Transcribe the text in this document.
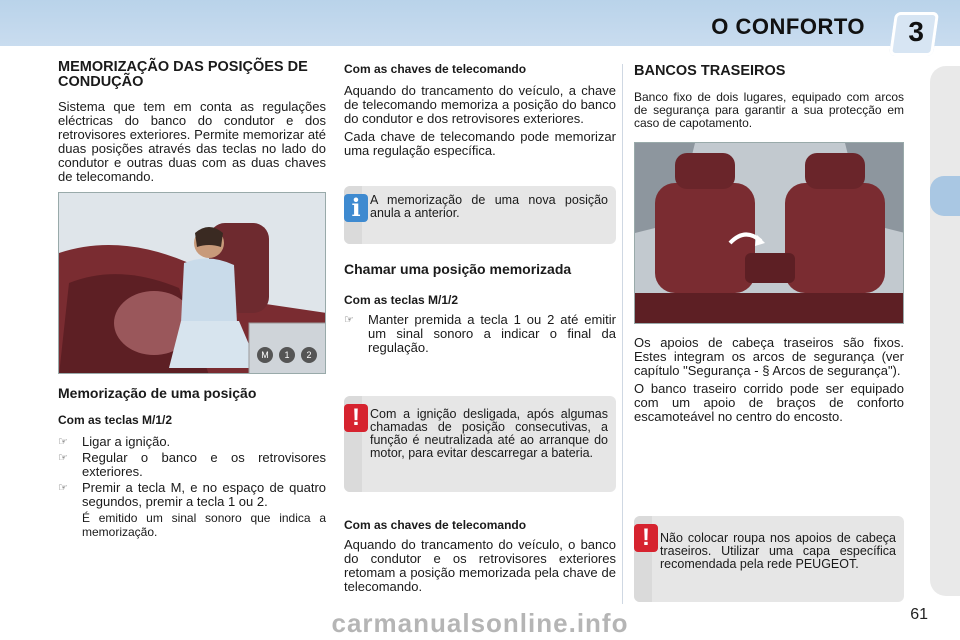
O CONFORTO 3
MEMORIZAÇÃO DAS POSIÇÕES DE CONDUÇÃO

Sistema que tem em conta as regulações eléctricas do banco do condutor e dos retrovisores exteriores. Permite memorizar até duas posições através das teclas no lado do condutor e outras duas com as duas chaves de telecomando.

M	1	2
Memorização de uma posição
Com as teclas M/1/2
☞ Ligar a ignição.
☞ Regular o banco e os retrovisores exteriores.
☞ Premir a tecla M, e no espaço de quatro segundos, premir a tecla 1 ou 2.

É emitido um sinal sonoro que indica a memorização.

Com as chaves de telecomando

Aquando do trancamento do veículo, a chave de telecomando memoriza a posição do banco do condutor e dos retrovisores exteriores.

Cada chave de telecomando pode memorizar uma regulação específica.

i A memorização de uma nova posição anula a anterior.
Chamar uma posição memorizada
Com as teclas M/1/2
☞ Manter premida a tecla 1 ou 2 até emitir um sinal sonoro a indicar o final da regulação.
! Com a ignição desligada, após algumas chamadas de posição consecutivas, a função é neutralizada até ao arranque do motor, para evitar descarregar a bateria.
Com as chaves de telecomando

Aquando do trancamento do veículo, o banco do condutor e os retrovisores exteriores retomam a posição memorizada pela chave de telecomando.

BANCOS TRASEIROS

Banco fixo de dois lugares, equipado com arcos de segurança para garantir a sua protecção em caso de capotamento.

Os apoios de cabeça traseiros são fixos. Estes integram os arcos de segurança (ver capítulo "Segurança - § Arcos de segurança").

O banco traseiro corrido pode ser equipado com um apoio de braços de conforto escamoteável no centro do encosto.

! Não colocar roupa nos apoios de cabeça traseiros. Utilizar uma capa específica recomendada pela rede PEUGEOT.
61
carmanualsonline.info
